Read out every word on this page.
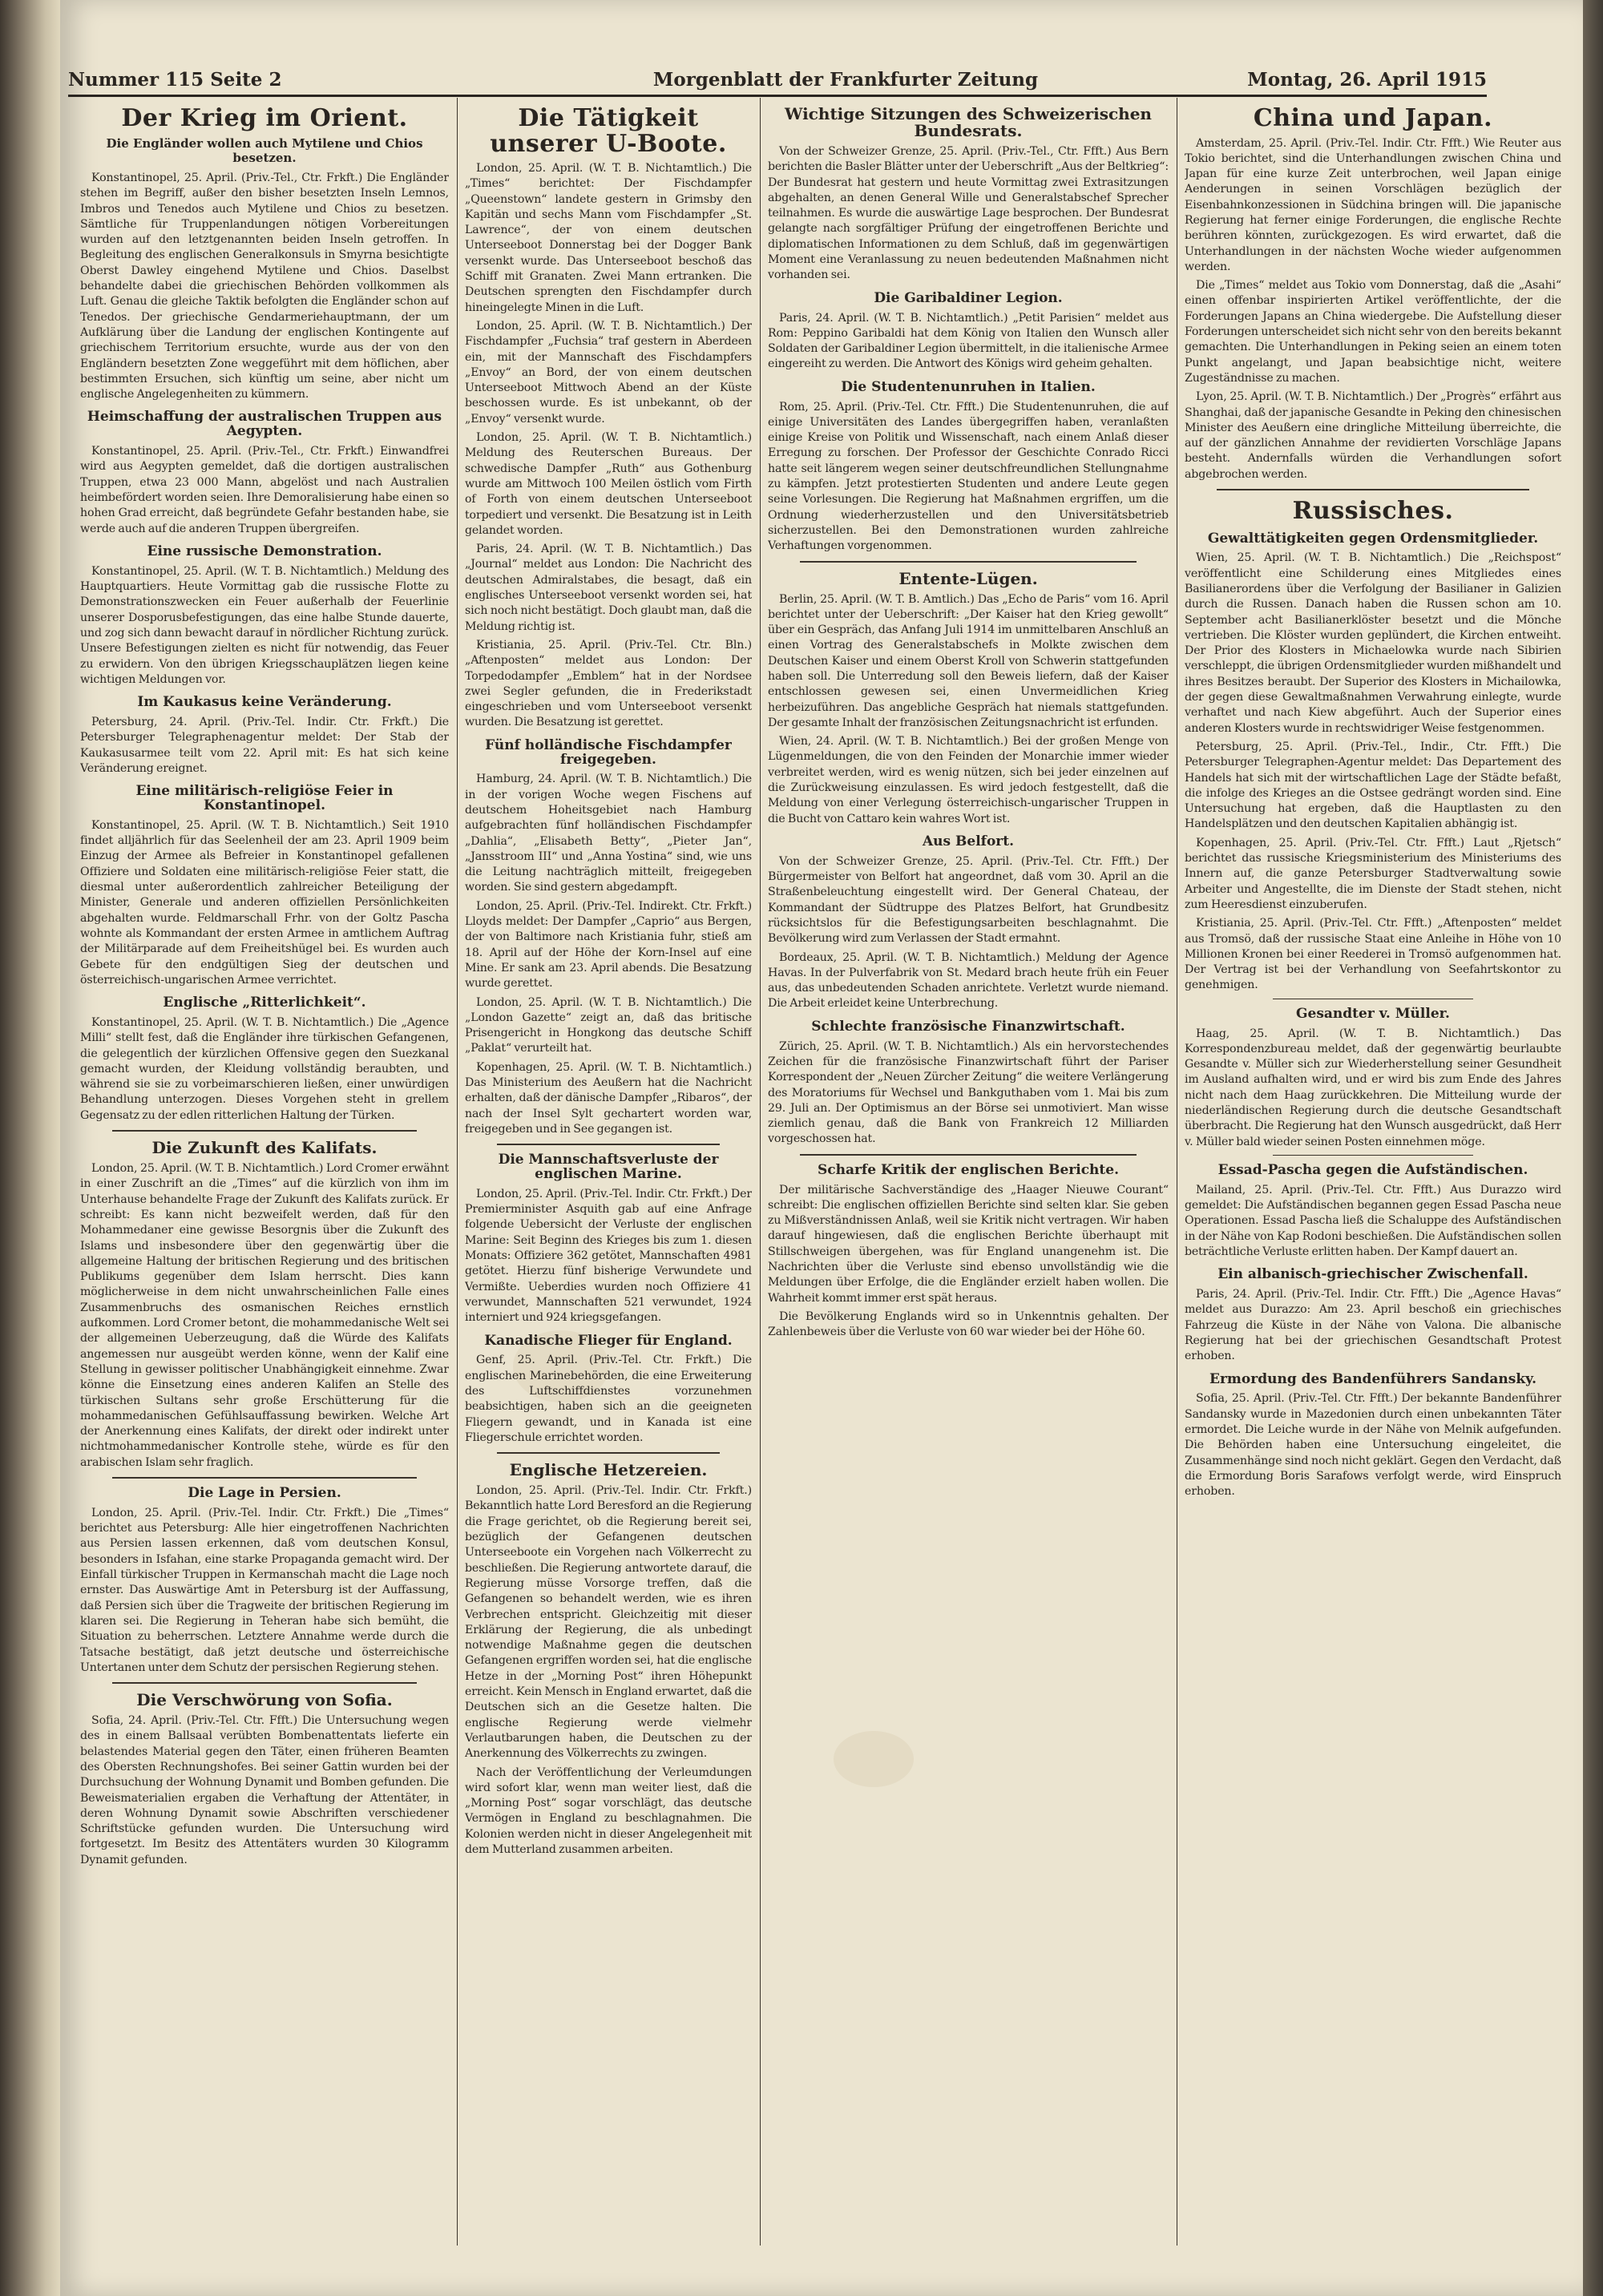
Nummer 115 Seite 2	Morgenblatt der Frankfurter Zeitung	Montag, 26. April 1915
Der Krieg im Orient.
Die Engländer wollen auch Mytilene und Chios besetzen.

Konstantinopel, 25. April. (Priv.-Tel., Ctr. Frkft.) Die Engländer stehen im Begriff, außer den bisher besetzten Inseln Lemnos, Imbros und Tenedos auch Mytilene und Chios zu besetzen. Sämtliche für Truppenlandungen nötigen Vorbereitungen wurden auf den letztgenannten beiden Inseln getroffen. In Begleitung des englischen Generalkonsuls in Smyrna besichtigte Oberst Dawley eingehend Mytilene und Chios. Daselbst behandelte dabei die griechischen Behörden vollkommen als Luft. Genau die gleiche Taktik befolgten die Engländer schon auf Tenedos. Der griechische Gendarmeriehauptmann, der um Aufklärung über die Landung der englischen Kontingente auf griechischem Territorium ersuchte, wurde aus der von den Engländern besetzten Zone weggeführt mit dem höflichen, aber bestimmten Ersuchen, sich künftig um seine, aber nicht um englische Angelegenheiten zu kümmern.

Heimschaffung der australischen Truppen aus Aegypten.

Konstantinopel, 25. April. (Priv.-Tel., Ctr. Frkft.) Einwandfrei wird aus Aegypten gemeldet, daß die dortigen australischen Truppen, etwa 23 000 Mann, abgelöst und nach Australien heimbefördert worden seien. Ihre Demoralisierung habe einen so hohen Grad erreicht, daß begründete Gefahr bestanden habe, sie werde auch auf die anderen Truppen übergreifen.

Eine russische Demonstration.

Konstantinopel, 25. April. (W. T. B. Nichtamtlich.) Meldung des Hauptquartiers. Heute Vormittag gab die russische Flotte zu Demonstrationszwecken ein Feuer außerhalb der Feuerlinie unserer Dosporusbefestigungen, das eine halbe Stunde dauerte, und zog sich dann bewacht darauf in nördlicher Richtung zurück. Unsere Befestigungen zielten es nicht für notwendig, das Feuer zu erwidern. Von den übrigen Kriegsschauplätzen liegen keine wichtigen Meldungen vor.

Im Kaukasus keine Veränderung.

Petersburg, 24. April. (Priv.-Tel. Indir. Ctr. Frkft.) Die Petersburger Telegraphenagentur meldet: Der Stab der Kaukasusarmee teilt vom 22. April mit: Es hat sich keine Veränderung ereignet.

Eine militärisch-religiöse Feier in Konstantinopel.

Konstantinopel, 25. April. (W. T. B. Nichtamtlich.) Seit 1910 findet alljährlich für das Seelenheil der am 23. April 1909 beim Einzug der Armee als Befreier in Konstantinopel gefallenen Offiziere und Soldaten eine militärisch-religiöse Feier statt, die diesmal unter außerordentlich zahlreicher Beteiligung der Minister, Generale und anderen offiziellen Persönlichkeiten abgehalten wurde. Feldmarschall Frhr. von der Goltz Pascha wohnte als Kommandant der ersten Armee in amtlichem Auftrag der Militärparade auf dem Freiheitshügel bei. Es wurden auch Gebete für den endgültigen Sieg der deutschen und österreichisch-ungarischen Armee verrichtet.

Englische „Ritterlichkeit“.

Konstantinopel, 25. April. (W. T. B. Nichtamtlich.) Die „Agence Milli“ stellt fest, daß die Engländer ihre türkischen Gefangenen, die gelegentlich der kürzlichen Offensive gegen den Suezkanal gemacht wurden, der Kleidung vollständig beraubten, und während sie sie zu vorbeimarschieren ließen, einer unwürdigen Behandlung unterzogen. Dieses Vorgehen steht in grellem Gegensatz zu der edlen ritterlichen Haltung der Türken.

Die Zukunft des Kalifats.

London, 25. April. (W. T. B. Nichtamtlich.) Lord Cromer erwähnt in einer Zuschrift an die „Times“ auf die kürzlich von ihm im Unterhause behandelte Frage der Zukunft des Kalifats zurück. Er schreibt: Es kann nicht bezweifelt werden, daß für den Mohammedaner eine gewisse Besorgnis über die Zukunft des Islams und insbesondere über den gegenwärtig über die allgemeine Haltung der britischen Regierung und des britischen Publikums gegenüber dem Islam herrscht. Dies kann möglicherweise in dem nicht unwahrscheinlichen Falle eines Zusammenbruchs des osmanischen Reiches ernstlich aufkommen. Lord Cromer betont, die mohammedanische Welt sei der allgemeinen Ueberzeugung, daß die Würde des Kalifats angemessen nur ausgeübt werden könne, wenn der Kalif eine Stellung in gewisser politischer Unabhängigkeit einnehme. Zwar könne die Einsetzung eines anderen Kalifen an Stelle des türkischen Sultans sehr große Erschütterung für die mohammedanischen Gefühlsauffassung bewirken. Welche Art der Anerkennung eines Kalifats, der direkt oder indirekt unter nichtmohammedanischer Kontrolle stehe, würde es für den arabischen Islam sehr fraglich.

Die Lage in Persien.

London, 25. April. (Priv.-Tel. Indir. Ctr. Frkft.) Die „Times“ berichtet aus Petersburg: Alle hier eingetroffenen Nachrichten aus Persien lassen erkennen, daß vom deutschen Konsul, besonders in Isfahan, eine starke Propaganda gemacht wird. Der Einfall türkischer Truppen in Kermanschah macht die Lage noch ernster. Das Auswärtige Amt in Petersburg ist der Auffassung, daß Persien sich über die Tragweite der britischen Regierung im klaren sei. Die Regierung in Teheran habe sich bemüht, die Situation zu beherrschen. Letztere Annahme werde durch die Tatsache bestätigt, daß jetzt deutsche und österreichische Untertanen unter dem Schutz der persischen Regierung stehen.

Die Verschwörung von Sofia.

Sofia, 24. April. (Priv.-Tel. Ctr. Ffft.) Die Untersuchung wegen des in einem Ballsaal verübten Bombenattentats lieferte ein belastendes Material gegen den Täter, einen früheren Beamten des Obersten Rechnungshofes. Bei seiner Gattin wurden bei der Durchsuchung der Wohnung Dynamit und Bomben gefunden. Die Beweismaterialien ergaben die Verhaftung der Attentäter, in deren Wohnung Dynamit sowie Abschriften verschiedener Schriftstücke gefunden wurden. Die Untersuchung wird fortgesetzt. Im Besitz des Attentäters wurden 30 Kilogramm Dynamit gefunden.

Die Tätigkeit unserer U-Boote.

London, 25. April. (W. T. B. Nichtamtlich.) Die „Times“ berichtet: Der Fischdampfer „Queenstown“ landete gestern in Grimsby den Kapitän und sechs Mann vom Fischdampfer „St. Lawrence“, der von einem deutschen Unterseeboot Donnerstag bei der Dogger Bank versenkt wurde. Das Unterseeboot beschoß das Schiff mit Granaten. Zwei Mann ertranken. Die Deutschen sprengten den Fischdampfer durch hineingelegte Minen in die Luft.

London, 25. April. (W. T. B. Nichtamtlich.) Der Fischdampfer „Fuchsia“ traf gestern in Aberdeen ein, mit der Mannschaft des Fischdampfers „Envoy“ an Bord, der von einem deutschen Unterseeboot Mittwoch Abend an der Küste beschossen wurde. Es ist unbekannt, ob der „Envoy“ versenkt wurde.

London, 25. April. (W. T. B. Nichtamtlich.) Meldung des Reuterschen Bureaus. Der schwedische Dampfer „Ruth“ aus Gothenburg wurde am Mittwoch 100 Meilen östlich vom Firth of Forth von einem deutschen Unterseeboot torpediert und versenkt. Die Besatzung ist in Leith gelandet worden.

Paris, 24. April. (W. T. B. Nichtamtlich.) Das „Journal“ meldet aus London: Die Nachricht des deutschen Admiralstabes, die besagt, daß ein englisches Unterseeboot versenkt worden sei, hat sich noch nicht bestätigt. Doch glaubt man, daß die Meldung richtig ist.

Kristiania, 25. April. (Priv.-Tel. Ctr. Bln.) „Aftenposten“ meldet aus London: Der Torpedodampfer „Emblem“ hat in der Nordsee zwei Segler gefunden, die in Frederikstadt eingeschrieben und vom Unterseeboot versenkt wurden. Die Besatzung ist gerettet.

Fünf holländische Fischdampfer freigegeben.

Hamburg, 24. April. (W. T. B. Nichtamtlich.) Die in der vorigen Woche wegen Fischens auf deutschem Hoheitsgebiet nach Hamburg aufgebrachten fünf holländischen Fischdampfer „Dahlia“, „Elisabeth Betty“, „Pieter Jan“, „Jansstroom III“ und „Anna Yostina“ sind, wie uns die Leitung nachträglich mitteilt, freigegeben worden. Sie sind gestern abgedampft.

London, 25. April. (Priv.-Tel. Indirekt. Ctr. Frkft.) Lloyds meldet: Der Dampfer „Caprio“ aus Bergen, der von Baltimore nach Kristiania fuhr, stieß am 18. April auf der Höhe der Korn-Insel auf eine Mine. Er sank am 23. April abends. Die Besatzung wurde gerettet.

London, 25. April. (W. T. B. Nichtamtlich.) Die „London Gazette“ zeigt an, daß das britische Prisengericht in Hongkong das deutsche Schiff „Paklat“ verurteilt hat.

Kopenhagen, 25. April. (W. T. B. Nichtamtlich.) Das Ministerium des Aeußern hat die Nachricht erhalten, daß der dänische Dampfer „Ribaros“, der nach der Insel Sylt gechartert worden war, freigegeben und in See gegangen ist.

Die Mannschaftsverluste der englischen Marine.

London, 25. April. (Priv.-Tel. Indir. Ctr. Frkft.) Der Premierminister Asquith gab auf eine Anfrage folgende Uebersicht der Verluste der englischen Marine: Seit Beginn des Krieges bis zum 1. diesen Monats: Offiziere 362 getötet, Mannschaften 4981 getötet. Hierzu fünf bisherige Verwundete und Vermißte. Ueberdies wurden noch Offiziere 41 verwundet, Mannschaften 521 verwundet, 1924 interniert und 924 kriegsgefangen.

Kanadische Flieger für England.

Genf, 25. April. (Priv.-Tel. Ctr. Frkft.) Die englischen Marinebehörden, die eine Erweiterung des Luftschiffdienstes vorzunehmen beabsichtigen, haben sich an die geeigneten Fliegern gewandt, und in Kanada ist eine Fliegerschule errichtet worden.

Englische Hetzereien.

London, 25. April. (Priv.-Tel. Indir. Ctr. Frkft.) Bekanntlich hatte Lord Beresford an die Regierung die Frage gerichtet, ob die Regierung bereit sei, bezüglich der Gefangenen deutschen Unterseeboote ein Vorgehen nach Völkerrecht zu beschließen. Die Regierung antwortete darauf, die Regierung müsse Vorsorge treffen, daß die Gefangenen so behandelt werden, wie es ihren Verbrechen entspricht. Gleichzeitig mit dieser Erklärung der Regierung, die als unbedingt notwendige Maßnahme gegen die deutschen Gefangenen ergriffen worden sei, hat die englische Hetze in der „Morning Post“ ihren Höhepunkt erreicht. Kein Mensch in England erwartet, daß die Deutschen sich an die Gesetze halten. Die englische Regierung werde vielmehr Verlautbarungen haben, die Deutschen zu der Anerkennung des Völkerrechts zu zwingen.

Nach der Veröffentlichung der Verleumdungen wird sofort klar, wenn man weiter liest, daß die „Morning Post“ sogar vorschlägt, das deutsche Vermögen in England zu beschlagnahmen. Die Kolonien werden nicht in dieser Angelegenheit mit dem Mutterland zusammen arbeiten.

Wichtige Sitzungen des Schweizerischen Bundesrats.

Von der Schweizer Grenze, 25. April. (Priv.-Tel., Ctr. Ffft.) Aus Bern berichten die Basler Blätter unter der Ueberschrift „Aus der Beltkrieg“: Der Bundesrat hat gestern und heute Vormittag zwei Extrasitzungen abgehalten, an denen General Wille und Generalstabschef Sprecher teilnahmen. Es wurde die auswärtige Lage besprochen. Der Bundesrat gelangte nach sorgfältiger Prüfung der eingetroffenen Berichte und diplomatischen Informationen zu dem Schluß, daß im gegenwärtigen Moment eine Veranlassung zu neuen bedeutenden Maßnahmen nicht vorhanden sei.

Die Garibaldiner Legion.

Paris, 24. April. (W. T. B. Nichtamtlich.) „Petit Parisien“ meldet aus Rom: Peppino Garibaldi hat dem König von Italien den Wunsch aller Soldaten der Garibaldiner Legion übermittelt, in die italienische Armee eingereiht zu werden. Die Antwort des Königs wird geheim gehalten.

Die Studentenunruhen in Italien.

Rom, 25. April. (Priv.-Tel. Ctr. Ffft.) Die Studentenunruhen, die auf einige Universitäten des Landes übergegriffen haben, veranlaßten einige Kreise von Politik und Wissenschaft, nach einem Anlaß dieser Erregung zu forschen. Der Professor der Geschichte Conrado Ricci hatte seit längerem wegen seiner deutschfreundlichen Stellungnahme zu kämpfen. Jetzt protestierten Studenten und andere Leute gegen seine Vorlesungen. Die Regierung hat Maßnahmen ergriffen, um die Ordnung wiederherzustellen und den Universitätsbetrieb sicherzustellen. Bei den Demonstrationen wurden zahlreiche Verhaftungen vorgenommen.

Entente-Lügen.

Berlin, 25. April. (W. T. B. Amtlich.) Das „Echo de Paris“ vom 16. April berichtet unter der Ueberschrift: „Der Kaiser hat den Krieg gewollt“ über ein Gespräch, das Anfang Juli 1914 im unmittelbaren Anschluß an einen Vortrag des Generalstabschefs in Molkte zwischen dem Deutschen Kaiser und einem Oberst Kroll von Schwerin stattgefunden haben soll. Die Unterredung soll den Beweis liefern, daß der Kaiser entschlossen gewesen sei, einen Unvermeidlichen Krieg herbeizuführen. Das angebliche Gespräch hat niemals stattgefunden. Der gesamte Inhalt der französischen Zeitungsnachricht ist erfunden.

Wien, 24. April. (W. T. B. Nichtamtlich.) Bei der großen Menge von Lügenmeldungen, die von den Feinden der Monarchie immer wieder verbreitet werden, wird es wenig nützen, sich bei jeder einzelnen auf die Zurückweisung einzulassen. Es wird jedoch festgestellt, daß die Meldung von einer Verlegung österreichisch-ungarischer Truppen in die Bucht von Cattaro kein wahres Wort ist.

Aus Belfort.

Von der Schweizer Grenze, 25. April. (Priv.-Tel. Ctr. Ffft.) Der Bürgermeister von Belfort hat angeordnet, daß vom 30. April an die Straßenbeleuchtung eingestellt wird. Der General Chateau, der Kommandant der Südtruppe des Platzes Belfort, hat Grundbesitz rücksichtslos für die Befestigungsarbeiten beschlagnahmt. Die Bevölkerung wird zum Verlassen der Stadt ermahnt.

Bordeaux, 25. April. (W. T. B. Nichtamtlich.) Meldung der Agence Havas. In der Pulverfabrik von St. Medard brach heute früh ein Feuer aus, das unbedeutenden Schaden anrichtete. Verletzt wurde niemand. Die Arbeit erleidet keine Unterbrechung.

Schlechte französische Finanzwirtschaft.

Zürich, 25. April. (W. T. B. Nichtamtlich.) Als ein hervorstechendes Zeichen für die französische Finanzwirtschaft führt der Pariser Korrespondent der „Neuen Zürcher Zeitung“ die weitere Verlängerung des Moratoriums für Wechsel und Bankguthaben vom 1. Mai bis zum 29. Juli an. Der Optimismus an der Börse sei unmotiviert. Man wisse ziemlich genau, daß die Bank von Frankreich 12 Milliarden vorgeschossen hat.

Scharfe Kritik der englischen Berichte.

Der militärische Sachverständige des „Haager Nieuwe Courant“ schreibt: Die englischen offiziellen Berichte sind selten klar. Sie geben zu Mißverständnissen Anlaß, weil sie Kritik nicht vertragen. Wir haben darauf hingewiesen, daß die englischen Berichte überhaupt mit Stillschweigen übergehen, was für England unangenehm ist. Die Nachrichten über die Verluste sind ebenso unvollständig wie die Meldungen über Erfolge, die die Engländer erzielt haben wollen. Die Wahrheit kommt immer erst spät heraus.

Die Bevölkerung Englands wird so in Unkenntnis gehalten. Der Zahlenbeweis über die Verluste von 60 war wieder bei der Höhe 60.

China und Japan.

Amsterdam, 25. April. (Priv.-Tel. Indir. Ctr. Ffft.) Wie Reuter aus Tokio berichtet, sind die Unterhandlungen zwischen China und Japan für eine kurze Zeit unterbrochen, weil Japan einige Aenderungen in seinen Vorschlägen bezüglich der Eisenbahnkonzessionen in Südchina bringen will. Die japanische Regierung hat ferner einige Forderungen, die englische Rechte berühren könnten, zurückgezogen. Es wird erwartet, daß die Unterhandlungen in der nächsten Woche wieder aufgenommen werden.

Die „Times“ meldet aus Tokio vom Donnerstag, daß die „Asahi“ einen offenbar inspirierten Artikel veröffentlichte, der die Forderungen Japans an China wiedergebe. Die Aufstellung dieser Forderungen unterscheidet sich nicht sehr von den bereits bekannt gemachten. Die Unterhandlungen in Peking seien an einem toten Punkt angelangt, und Japan beabsichtige nicht, weitere Zugeständnisse zu machen.

Lyon, 25. April. (W. T. B. Nichtamtlich.) Der „Progrès“ erfährt aus Shanghai, daß der japanische Gesandte in Peking den chinesischen Minister des Aeußern eine dringliche Mitteilung überreichte, die auf der gänzlichen Annahme der revidierten Vorschläge Japans besteht. Andernfalls würden die Verhandlungen sofort abgebrochen werden.

Russisches.
Gewalttätigkeiten gegen Ordensmitglieder.

Wien, 25. April. (W. T. B. Nichtamtlich.) Die „Reichspost“ veröffentlicht eine Schilderung eines Mitgliedes eines Basilianerordens über die Verfolgung der Basilianer in Galizien durch die Russen. Danach haben die Russen schon am 10. September acht Basilianerklöster besetzt und die Mönche vertrieben. Die Klöster wurden geplündert, die Kirchen entweiht. Der Prior des Klosters in Michaelowka wurde nach Sibirien verschleppt, die übrigen Ordensmitglieder wurden mißhandelt und ihres Besitzes beraubt. Der Superior des Klosters in Michailowka, der gegen diese Gewaltmaßnahmen Verwahrung einlegte, wurde verhaftet und nach Kiew abgeführt. Auch der Superior eines anderen Klosters wurde in rechtswidriger Weise festgenommen.

Petersburg, 25. April. (Priv.-Tel., Indir., Ctr. Ffft.) Die Petersburger Telegraphen-Agentur meldet: Das Departement des Handels hat sich mit der wirtschaftlichen Lage der Städte befaßt, die infolge des Krieges an die Ostsee gedrängt worden sind. Eine Untersuchung hat ergeben, daß die Hauptlasten zu den Handelsplätzen und den deutschen Kapitalien abhängig ist.

Kopenhagen, 25. April. (Priv.-Tel. Ctr. Ffft.) Laut „Rjetsch“ berichtet das russische Kriegsministerium des Ministeriums des Innern auf, die ganze Petersburger Stadtverwaltung sowie Arbeiter und Angestellte, die im Dienste der Stadt stehen, nicht zum Heeresdienst einzuberufen.

Kristiania, 25. April. (Priv.-Tel. Ctr. Ffft.) „Aftenposten“ meldet aus Tromsö, daß der russische Staat eine Anleihe in Höhe von 10 Millionen Kronen bei einer Reederei in Tromsö aufgenommen hat. Der Vertrag ist bei der Verhandlung von Seefahrtskontor zu genehmigen.

Gesandter v. Müller.

Haag, 25. April. (W. T. B. Nichtamtlich.) Das Korrespondenzbureau meldet, daß der gegenwärtig beurlaubte Gesandte v. Müller sich zur Wiederherstellung seiner Gesundheit im Ausland aufhalten wird, und er wird bis zum Ende des Jahres nicht nach dem Haag zurückkehren. Die Mitteilung wurde der niederländischen Regierung durch die deutsche Gesandtschaft überbracht. Die Regierung hat den Wunsch ausgedrückt, daß Herr v. Müller bald wieder seinen Posten einnehmen möge.

Essad-Pascha gegen die Aufständischen.

Mailand, 25. April. (Priv.-Tel. Ctr. Ffft.) Aus Durazzo wird gemeldet: Die Aufständischen begannen gegen Essad Pascha neue Operationen. Essad Pascha ließ die Schaluppe des Aufständischen in der Nähe von Kap Rodoni beschießen. Die Aufständischen sollen beträchtliche Verluste erlitten haben. Der Kampf dauert an.

Ein albanisch-griechischer Zwischenfall.

Paris, 24. April. (Priv.-Tel. Indir. Ctr. Ffft.) Die „Agence Havas“ meldet aus Durazzo: Am 23. April beschoß ein griechisches Fahrzeug die Küste in der Nähe von Valona. Die albanische Regierung hat bei der griechischen Gesandtschaft Protest erhoben.

Ermordung des Bandenführers Sandansky.

Sofia, 25. April. (Priv.-Tel. Ctr. Ffft.) Der bekannte Bandenführer Sandansky wurde in Mazedonien durch einen unbekannten Täter ermordet. Die Leiche wurde in der Nähe von Melnik aufgefunden. Die Behörden haben eine Untersuchung eingeleitet, die Zusammenhänge sind noch nicht geklärt. Gegen den Verdacht, daß die Ermordung Boris Sarafows verfolgt werde, wird Einspruch erhoben.
